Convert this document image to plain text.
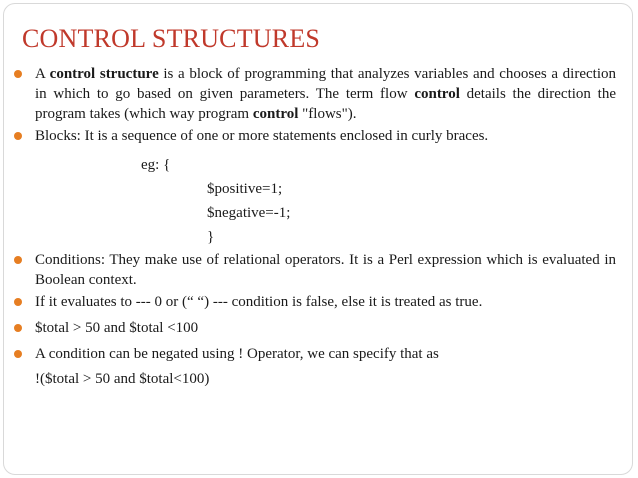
CONTROL STRUCTURES
A control structure is a block of programming that analyzes variables and chooses a direction in which to go based on given parameters. The term flow control details the direction the program takes (which way program control "flows").
Blocks: It is a sequence of one or more statements enclosed in curly braces.
eg: {
$positive=1;
$negative=-1;
}
Conditions: They make use of relational operators. It is a Perl expression which is evaluated in Boolean context.
If it evaluates to --- 0 or (“ “) --- condition is false, else it is treated as true.
$total > 50 and $total <100
A condition can be negated using ! Operator, we can specify that as
!($total > 50 and $total<100)
